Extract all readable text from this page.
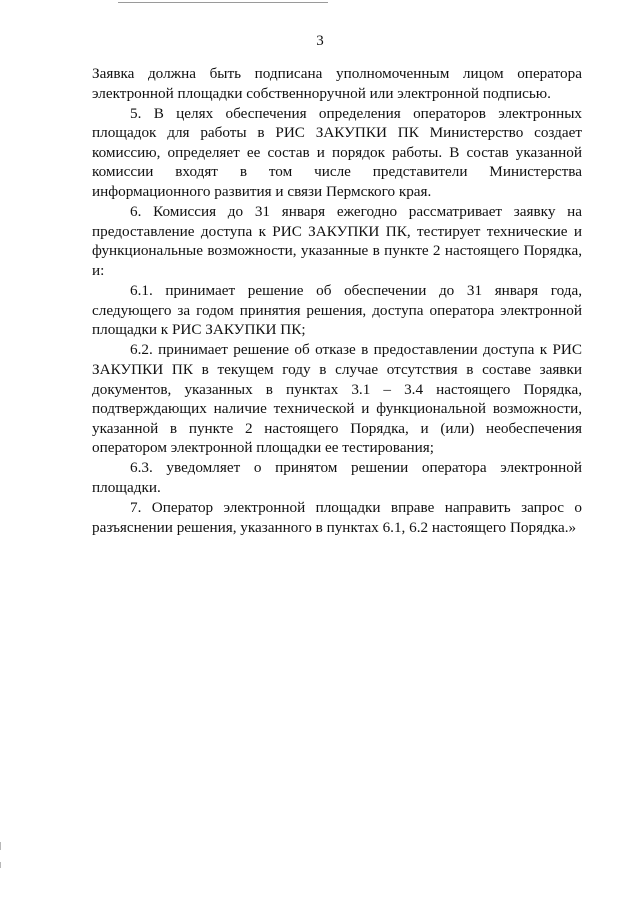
3

Заявка должна быть подписана уполномоченным лицом оператора электронной площадки собственноручной или электронной подписью.

5. В целях обеспечения определения операторов электронных площадок для работы в РИС ЗАКУПКИ ПК Министерство создает комиссию, определяет ее состав и порядок работы. В состав указанной комиссии входят в том числе представители Министерства информационного развития и связи Пермского края.

6. Комиссия до 31 января ежегодно рассматривает заявку на предоставление доступа к РИС ЗАКУПКИ ПК, тестирует технические и функциональные возможности, указанные в пункте 2 настоящего Порядка, и:

6.1. принимает решение об обеспечении до 31 января года, следующего за годом принятия решения, доступа оператора электронной площадки к РИС ЗАКУПКИ ПК;

6.2. принимает решение об отказе в предоставлении доступа к РИС ЗАКУПКИ ПК в текущем году в случае отсутствия в составе заявки документов, указанных в пунктах 3.1 – 3.4 настоящего Порядка, подтверждающих наличие технической и функциональной возможности, указанной в пункте 2 настоящего Порядка, и (или) необеспечения оператором электронной площадки ее тестирования;

6.3. уведомляет о принятом решении оператора электронной площадки.

7. Оператор электронной площадки вправе направить запрос о разъяснении решения, указанного в пунктах 6.1, 6.2 настоящего Порядка.»
